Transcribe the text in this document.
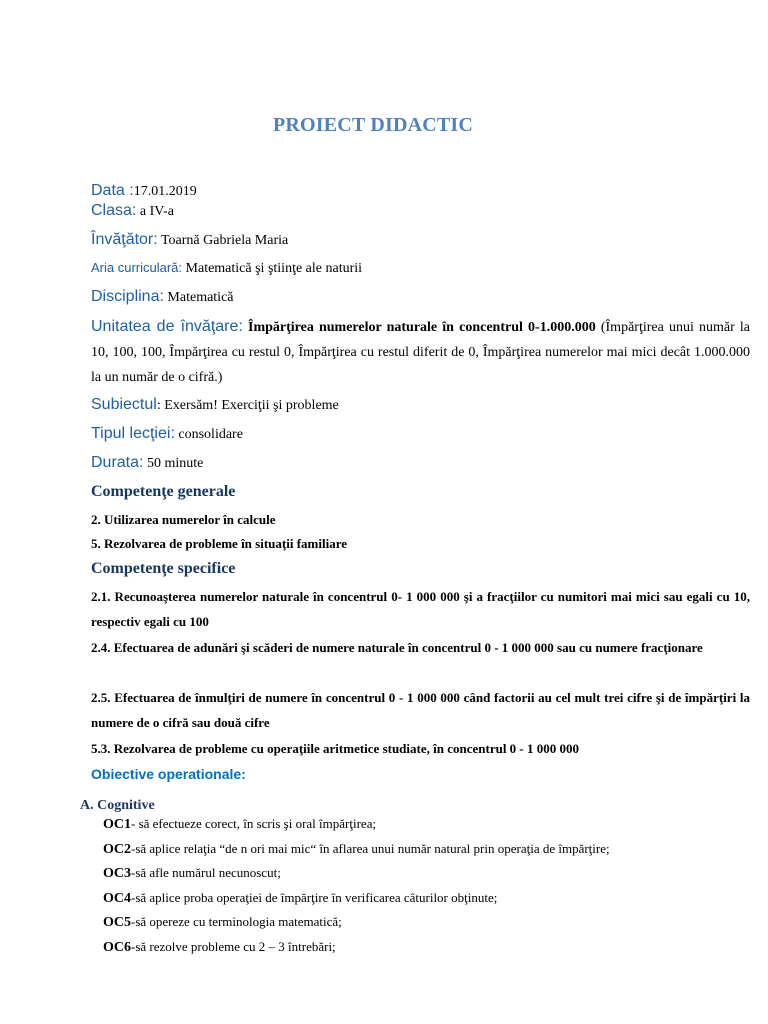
PROIECT DIDACTIC
Data :17.01.2019
Clasa: a IV-a
Învăţător: Toarnă Gabriela Maria
Aria curriculară: Matematică şi ştiinţe ale naturii
Disciplina: Matematică
Unitatea de învăţare: Împărţirea numerelor naturale în concentrul 0-1.000.000 (Împărţirea unui număr la 10, 100, 100, Împărţirea cu restul 0, Împărţirea cu restul diferit de 0, Împărţirea numerelor mai mici decât 1.000.000 la un număr de o cifră.)
Subiectul: Exersăm! Exerciţii şi probleme
Tipul lecţiei: consolidare
Durata: 50 minute
Competenţe generale
2. Utilizarea numerelor în calcule
5. Rezolvarea de probleme în situaţii familiare
Competenţe specifice
2.1. Recunoaşterea numerelor naturale în concentrul 0- 1 000 000 şi a fracţiilor cu numitori mai mici sau egali cu 10, respectiv egali cu 100
2.4. Efectuarea de adunări şi scăderi de numere naturale în concentrul 0 - 1 000 000 sau cu numere fracţionare
2.5. Efectuarea de înmulţiri de numere în concentrul 0 - 1 000 000 când factorii au cel mult trei cifre şi de împărţiri la numere de o cifră sau două cifre
5.3. Rezolvarea de probleme cu operaţiile aritmetice studiate, în concentrul 0 - 1 000 000
Obiective operationale:
A. Cognitive
OC1- să efectueze corect, în scris şi oral împărţirea;
OC2-să aplice relaţia “de n ori mai mic“ în aflarea unui număr natural prin operaţia de împărţire;
OC3-să afle numărul necunoscut;
OC4-să aplice proba operaţiei de împărţire în verificarea câturilor obţinute;
OC5-să opereze cu terminologia matematică;
OC6-să rezolve probleme cu 2 – 3 întrebări;
